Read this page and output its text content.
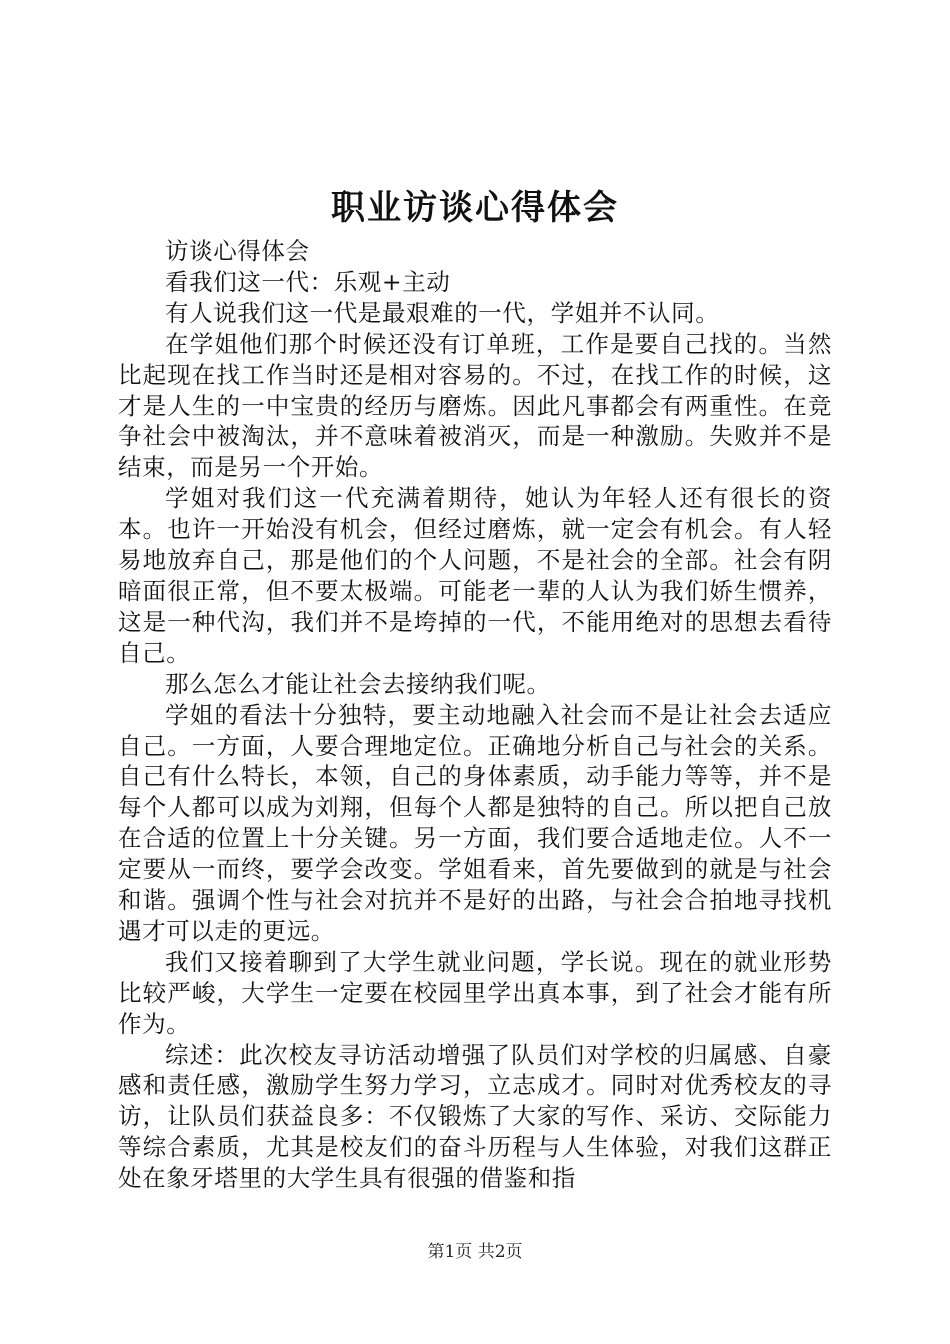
职业访谈心得体会

访谈心得体会

看我们这一代：乐观+主动

有人说我们这一代是最艰难的一代，学姐并不认同。

在学姐他们那个时候还没有订单班，工作是要自己找的。当然比起现在找工作当时还是相对容易的。不过，在找工作的时候，这才是人生的一中宝贵的经历与磨炼。因此凡事都会有两重性。在竞争社会中被淘汰，并不意味着被消灭，而是一种激励。失败并不是结束，而是另一个开始。

学姐对我们这一代充满着期待，她认为年轻人还有很长的资本。也许一开始没有机会，但经过磨炼，就一定会有机会。有人轻易地放弃自己，那是他们的个人问题，不是社会的全部。社会有阴暗面很正常，但不要太极端。可能老一辈的人认为我们娇生惯养，这是一种代沟，我们并不是垮掉的一代，不能用绝对的思想去看待自己。

那么怎么才能让社会去接纳我们呢。

学姐的看法十分独特，要主动地融入社会而不是让社会去适应自己。一方面，人要合理地定位。正确地分析自己与社会的关系。自己有什么特长，本领，自己的身体素质，动手能力等等，并不是每个人都可以成为刘翔，但每个人都是独特的自己。所以把自己放在合适的位置上十分关键。另一方面，我们要合适地走位。人不一定要从一而终，要学会改变。学姐看来，首先要做到的就是与社会和谐。强调个性与社会对抗并不是好的出路，与社会合拍地寻找机遇才可以走的更远。

我们又接着聊到了大学生就业问题，学长说。现在的就业形势比较严峻，大学生一定要在校园里学出真本事，到了社会才能有所作为。

综述：此次校友寻访活动增强了队员们对学校的归属感、自豪感和责任感，激励学生努力学习，立志成才。同时对优秀校友的寻访，让队员们获益良多：不仅锻炼了大家的写作、采访、交际能力等综合素质，尤其是校友们的奋斗历程与人生体验，对我们这群正处在象牙塔里的大学生具有很强的借鉴和指

第1页 共2页
